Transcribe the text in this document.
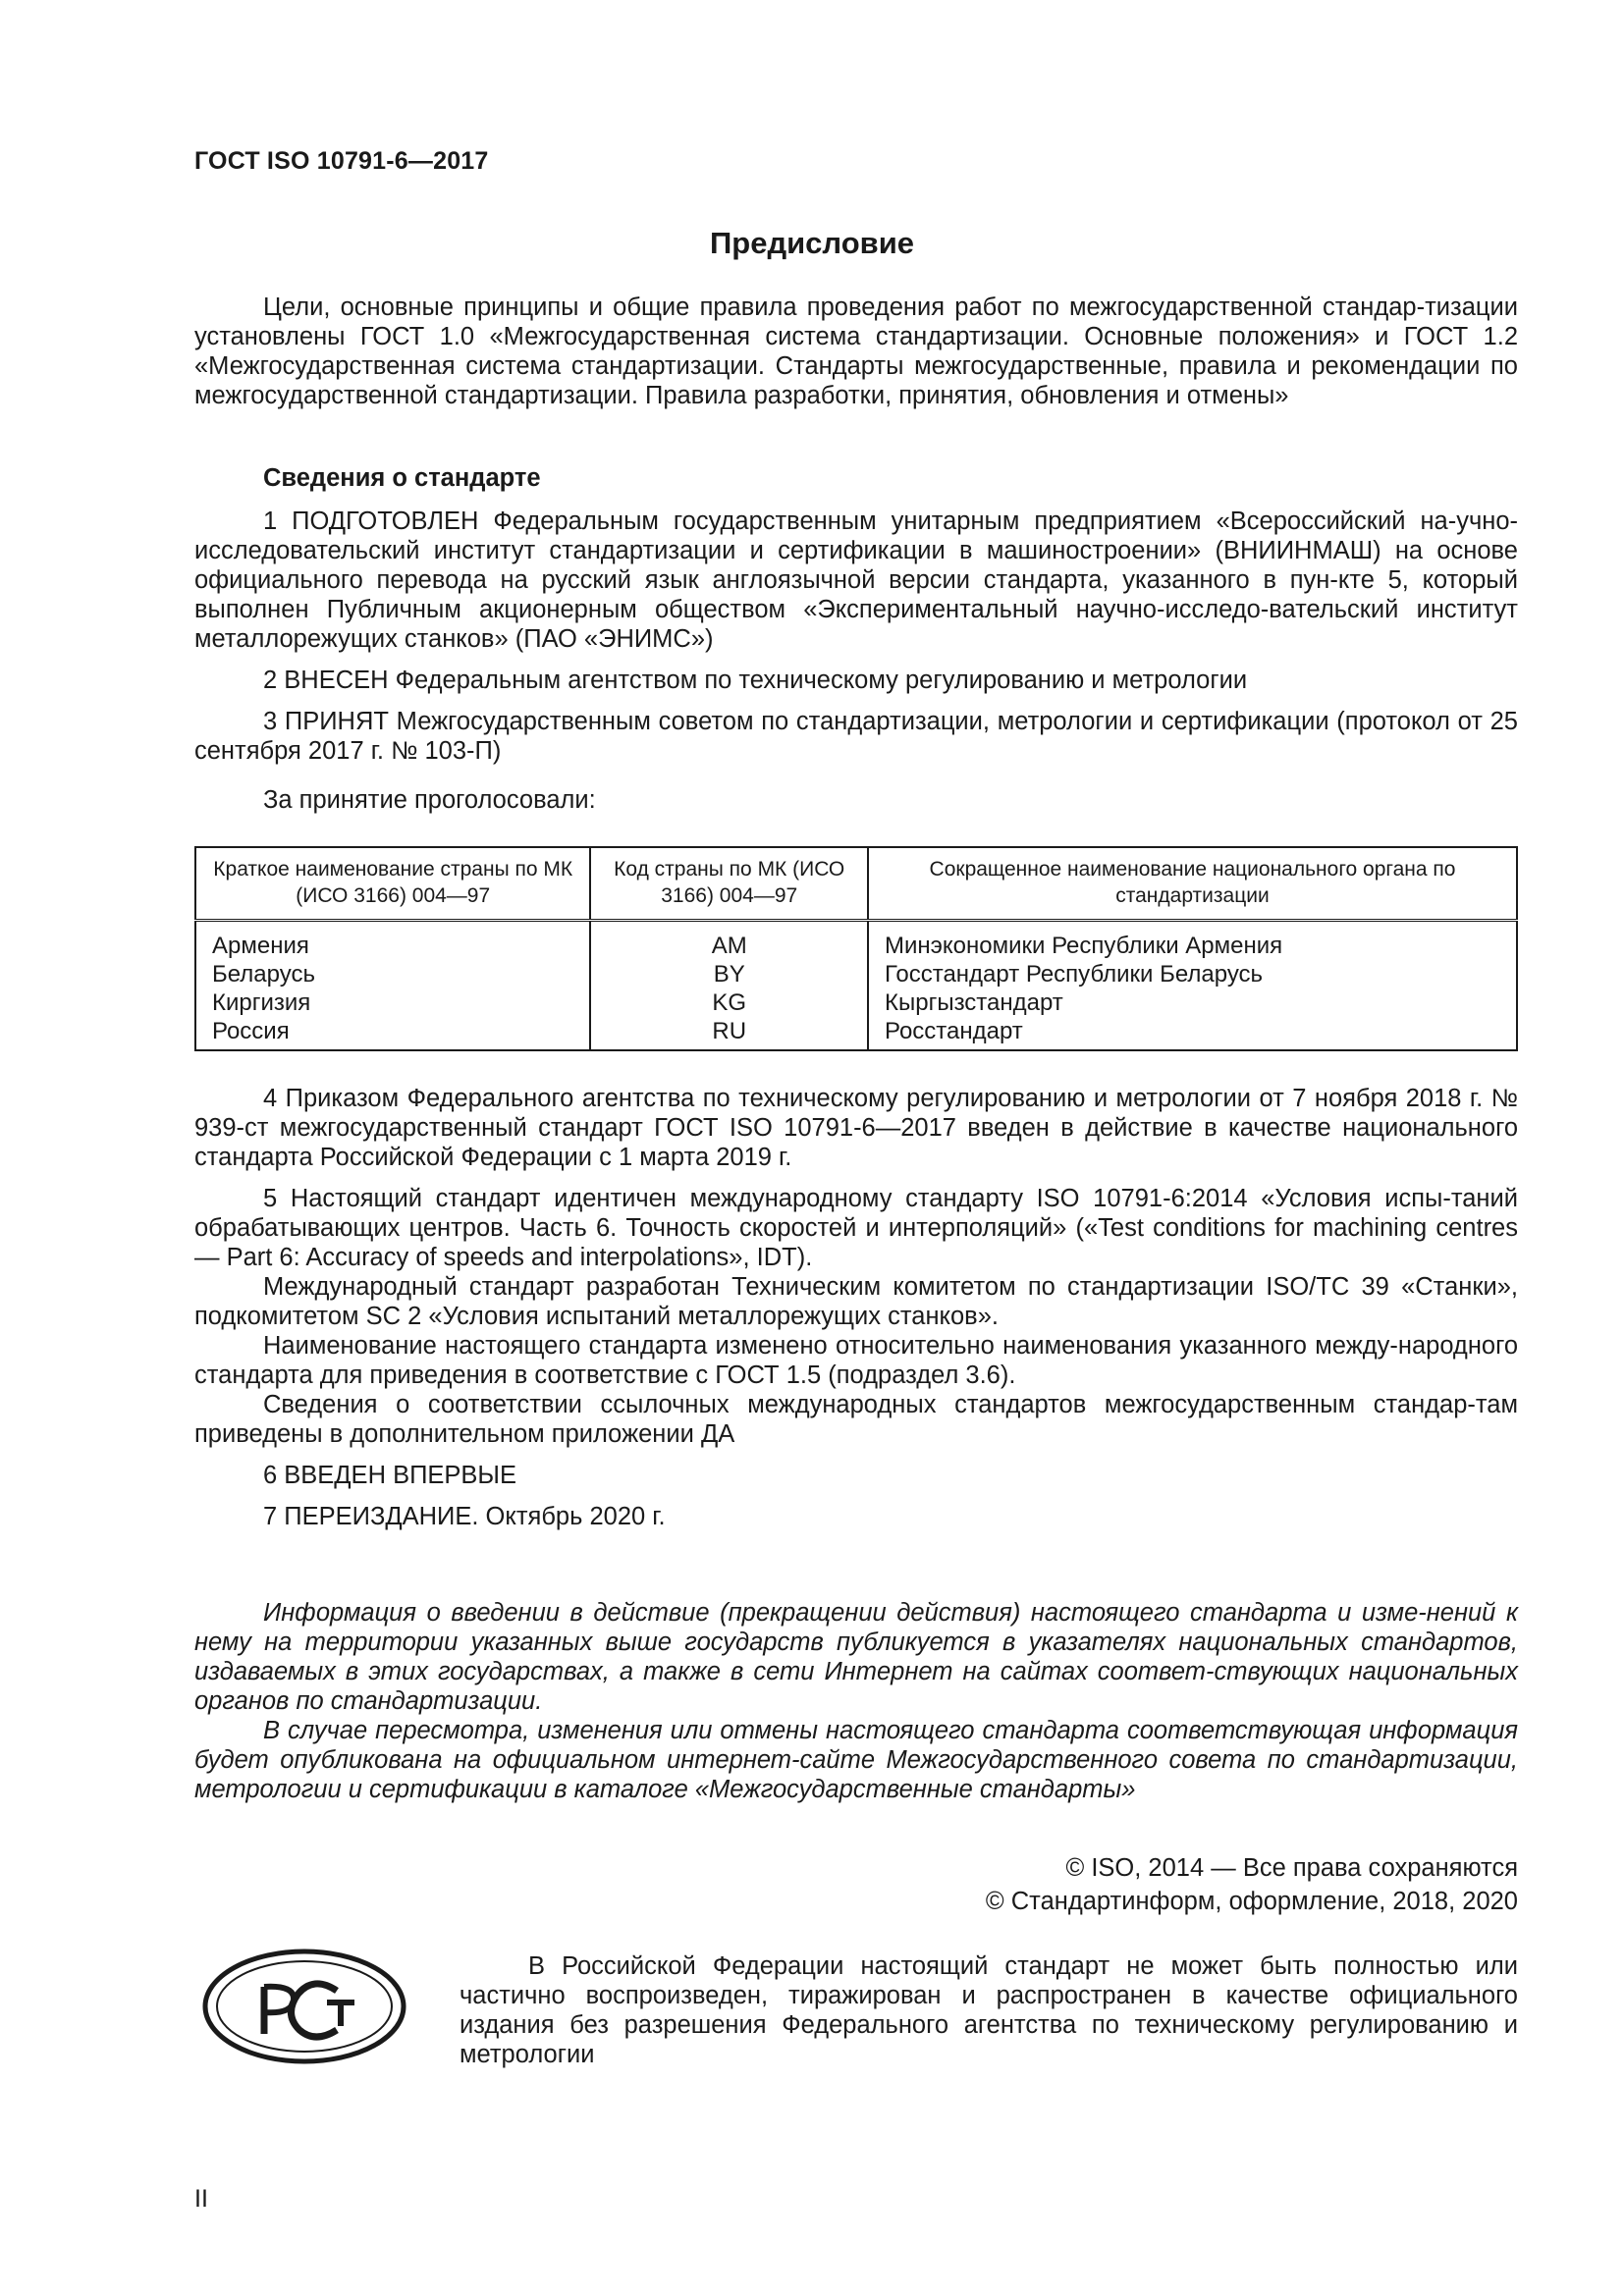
ГОСТ ISO 10791-6—2017
Предисловие

Цели, основные принципы и общие правила проведения работ по межгосударственной стандар-тизации установлены ГОСТ 1.0 «Межгосударственная система стандартизации. Основные положения» и ГОСТ 1.2 «Межгосударственная система стандартизации. Стандарты межгосударственные, правила и рекомендации по межгосударственной стандартизации. Правила разработки, принятия, обновления и отмены»

Сведения о стандарте

1 ПОДГОТОВЛЕН Федеральным государственным унитарным предприятием «Всероссийский на-учно-исследовательский институт стандартизации и сертификации в машиностроении» (ВНИИНМАШ) на основе официального перевода на русский язык англоязычной версии стандарта, указанного в пун-кте 5, который выполнен Публичным акционерным обществом «Экспериментальный научно-исследо-вательский институт металлорежущих станков» (ПАО «ЭНИМС»)

2 ВНЕСЕН Федеральным агентством по техническому регулированию и метрологии

3 ПРИНЯТ Межгосударственным советом по стандартизации, метрологии и сертификации (протокол от 25 сентября 2017 г. № 103-П)

За принятие проголосовали:

Краткое наименование страны по МК (ИСО 3166) 004—97	Код страны по МК (ИСО 3166) 004—97	Сокращенное наименование национального органа по стандартизации
Армения	AM	Минэкономики Республики Армения
Беларусь	BY	Госстандарт Республики Беларусь
Киргизия	KG	Кыргызстандарт
Россия	RU	Росстандарт

4 Приказом Федерального агентства по техническому регулированию и метрологии от 7 ноября 2018 г. № 939-ст межгосударственный стандарт ГОСТ ISO 10791-6—2017 введен в действие в качестве национального стандарта Российской Федерации с 1 марта 2019 г.

5 Настоящий стандарт идентичен международному стандарту ISO 10791-6:2014 «Условия испы-таний обрабатывающих центров. Часть 6. Точность скоростей и интерполяций» («Test conditions for machining centres — Part 6: Accuracy of speeds and interpolations», IDT).

Международный стандарт разработан Техническим комитетом по стандартизации ISO/TC 39 «Станки», подкомитетом SC 2 «Условия испытаний металлорежущих станков».

Наименование настоящего стандарта изменено относительно наименования указанного между-народного стандарта для приведения в соответствие с ГОСТ 1.5 (подраздел 3.6).

Сведения о соответствии ссылочных международных стандартов межгосударственным стандар-там приведены в дополнительном приложении ДА

6 ВВЕДЕН ВПЕРВЫЕ

7 ПЕРЕИЗДАНИЕ. Октябрь 2020 г.

Информация о введении в действие (прекращении действия) настоящего стандарта и изме-нений к нему на территории указанных выше государств публикуется в указателях национальных стандартов, издаваемых в этих государствах, а также в сети Интернет на сайтах соответ-ствующих национальных органов по стандартизации.

В случае пересмотра, изменения или отмены настоящего стандарта соответствующая информация будет опубликована на официальном интернет-сайте Межгосударственного совета по стандартизации, метрологии и сертификации в каталоге «Межгосударственные стандарты»

© ISO, 2014 — Все права сохраняются
© Стандартинформ, оформление, 2018, 2020
В Российской Федерации настоящий стандарт не может быть полностью или частично воспроизведен, тиражирован и распространен в качестве официального издания без разрешения Федерального агентства по техническому регулированию и метрологии
II
